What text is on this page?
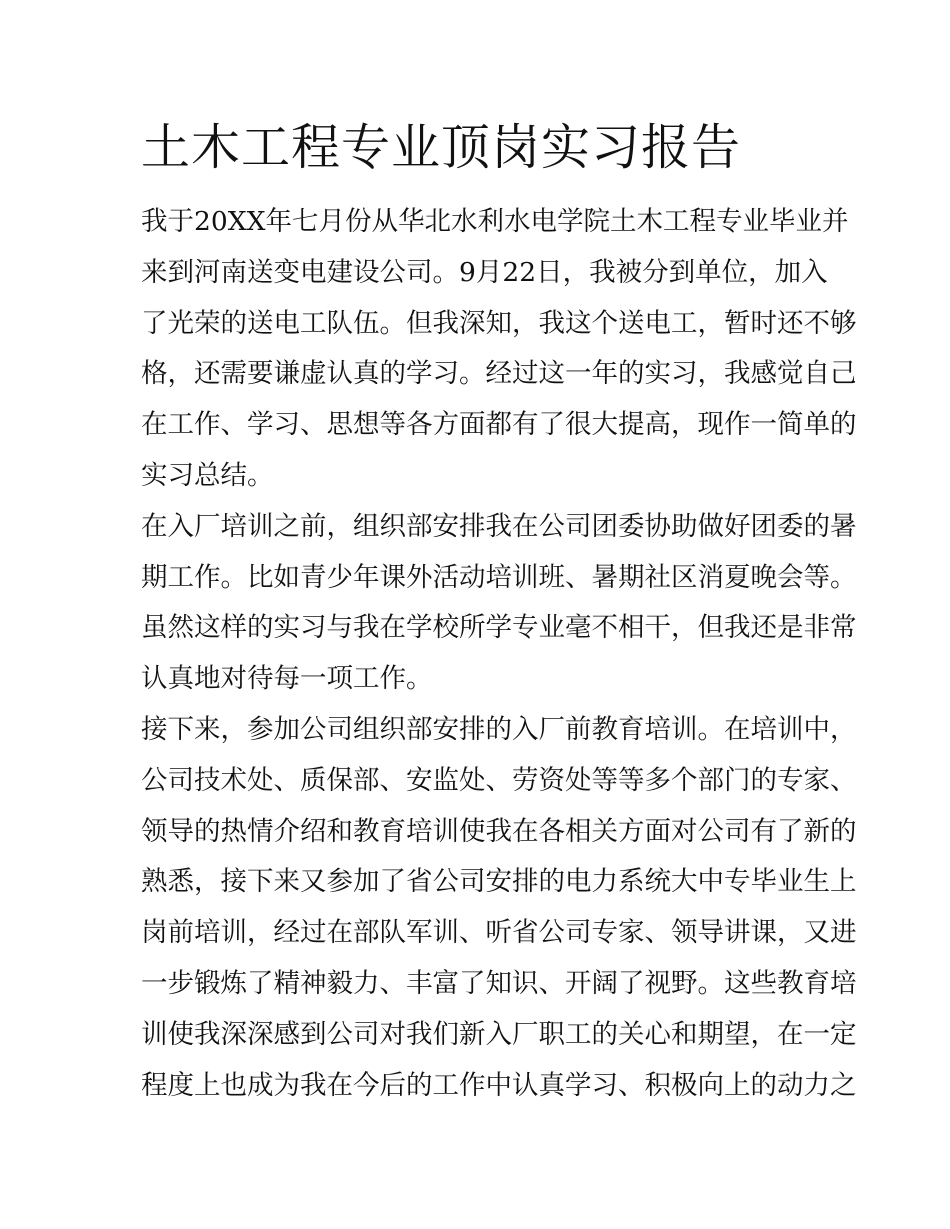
土木工程专业顶岗实习报告
我于20XX年七月份从华北水利水电学院土木工程专业毕业并
来到河南送变电建设公司。9月22日，我被分到单位，加入
了光荣的送电工队伍。但我深知，我这个送电工，暂时还不够
格，还需要谦虚认真的学习。经过这一年的实习，我感觉自己
在工作、学习、思想等各方面都有了很大提高，现作一简单的
实习总结。
在入厂培训之前，组织部安排我在公司团委协助做好团委的暑
期工作。比如青少年课外活动培训班、暑期社区消夏晚会等。
虽然这样的实习与我在学校所学专业毫不相干，但我还是非常
认真地对待每一项工作。
接下来，参加公司组织部安排的入厂前教育培训。在培训中，
公司技术处、质保部、安监处、劳资处等等多个部门的专家、
领导的热情介绍和教育培训使我在各相关方面对公司有了新的
熟悉，接下来又参加了省公司安排的电力系统大中专毕业生上
岗前培训，经过在部队军训、听省公司专家、领导讲课，又进
一步锻炼了精神毅力、丰富了知识、开阔了视野。这些教育培
训使我深深感到公司对我们新入厂职工的关心和期望，在一定
程度上也成为我在今后的工作中认真学习、积极向上的动力之
